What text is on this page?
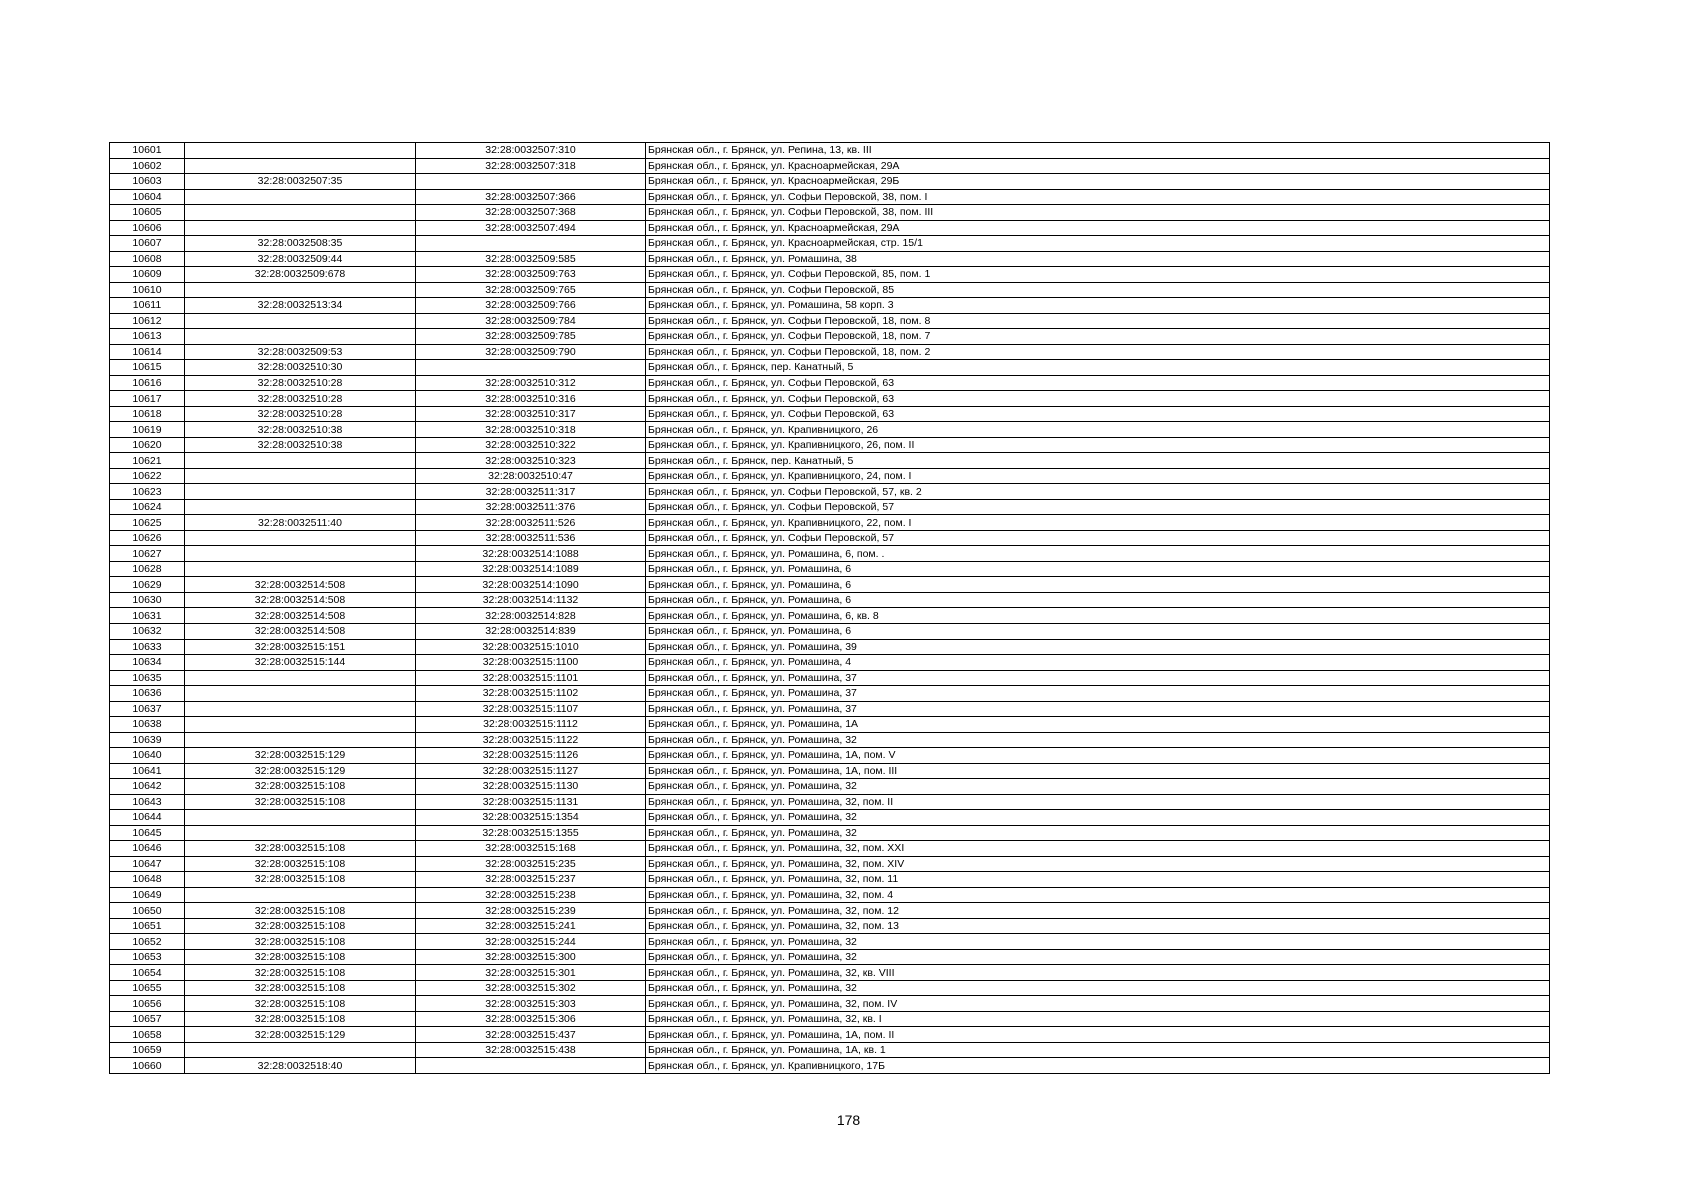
10601		32:28:0032507:310	Брянская обл., г. Брянск, ул. Репина, 13, кв. III
10602		32:28:0032507:318	Брянская обл., г. Брянск, ул. Красноармейская, 29А
10603	32:28:0032507:35		Брянская обл., г. Брянск, ул. Красноармейская, 29Б
10604		32:28:0032507:366	Брянская обл., г. Брянск, ул. Софьи Перовской, 38, пом. I
10605		32:28:0032507:368	Брянская обл., г. Брянск, ул. Софьи Перовской, 38, пом. III
10606		32:28:0032507:494	Брянская обл., г. Брянск, ул. Красноармейская, 29А
10607	32:28:0032508:35		Брянская обл., г. Брянск, ул. Красноармейская, стр. 15/1
10608	32:28:0032509:44	32:28:0032509:585	Брянская обл., г. Брянск, ул. Ромашина, 38
10609	32:28:0032509:678	32:28:0032509:763	Брянская обл., г. Брянск, ул. Софьи Перовской, 85, пом. 1
10610		32:28:0032509:765	Брянская обл., г. Брянск, ул. Софьи Перовской, 85
10611	32:28:0032513:34	32:28:0032509:766	Брянская обл., г. Брянск, ул. Ромашина, 58 корп. 3
10612		32:28:0032509:784	Брянская обл., г. Брянск, ул. Софьи Перовской, 18, пом. 8
10613		32:28:0032509:785	Брянская обл., г. Брянск, ул. Софьи Перовской, 18, пом. 7
10614	32:28:0032509:53	32:28:0032509:790	Брянская обл., г. Брянск, ул. Софьи Перовской, 18, пом. 2
10615	32:28:0032510:30		Брянская обл., г. Брянск, пер. Канатный, 5
10616	32:28:0032510:28	32:28:0032510:312	Брянская обл., г. Брянск, ул. Софьи Перовской, 63
10617	32:28:0032510:28	32:28:0032510:316	Брянская обл., г. Брянск, ул. Софьи Перовской, 63
10618	32:28:0032510:28	32:28:0032510:317	Брянская обл., г. Брянск, ул. Софьи Перовской, 63
10619	32:28:0032510:38	32:28:0032510:318	Брянская обл., г. Брянск, ул. Крапивницкого, 26
10620	32:28:0032510:38	32:28:0032510:322	Брянская обл., г. Брянск, ул. Крапивницкого, 26, пом. II
10621		32:28:0032510:323	Брянская обл., г. Брянск, пер. Канатный, 5
10622		32:28:0032510:47	Брянская обл., г. Брянск, ул. Крапивницкого, 24, пом. I
10623		32:28:0032511:317	Брянская обл., г. Брянск, ул. Софьи Перовской, 57, кв. 2
10624		32:28:0032511:376	Брянская обл., г. Брянск, ул. Софьи Перовской, 57
10625	32:28:0032511:40	32:28:0032511:526	Брянская обл., г. Брянск, ул. Крапивницкого, 22, пом. I
10626		32:28:0032511:536	Брянская обл., г. Брянск, ул. Софьи Перовской, 57
10627		32:28:0032514:1088	Брянская обл., г. Брянск, ул. Ромашина, 6, пом. .
10628		32:28:0032514:1089	Брянская обл., г. Брянск, ул. Ромашина, 6
10629	32:28:0032514:508	32:28:0032514:1090	Брянская обл., г. Брянск, ул. Ромашина, 6
10630	32:28:0032514:508	32:28:0032514:1132	Брянская обл., г. Брянск, ул. Ромашина, 6
10631	32:28:0032514:508	32:28:0032514:828	Брянская обл., г. Брянск, ул. Ромашина, 6, кв. 8
10632	32:28:0032514:508	32:28:0032514:839	Брянская обл., г. Брянск, ул. Ромашина, 6
10633	32:28:0032515:151	32:28:0032515:1010	Брянская обл., г. Брянск, ул. Ромашина, 39
10634	32:28:0032515:144	32:28:0032515:1100	Брянская обл., г. Брянск, ул. Ромашина, 4
10635		32:28:0032515:1101	Брянская обл., г. Брянск, ул. Ромашина, 37
10636		32:28:0032515:1102	Брянская обл., г. Брянск, ул. Ромашина, 37
10637		32:28:0032515:1107	Брянская обл., г. Брянск, ул. Ромашина, 37
10638		32:28:0032515:1112	Брянская обл., г. Брянск, ул. Ромашина, 1А
10639		32:28:0032515:1122	Брянская обл., г. Брянск, ул. Ромашина, 32
10640	32:28:0032515:129	32:28:0032515:1126	Брянская обл., г. Брянск, ул. Ромашина, 1А, пом. V
10641	32:28:0032515:129	32:28:0032515:1127	Брянская обл., г. Брянск, ул. Ромашина, 1А, пом. III
10642	32:28:0032515:108	32:28:0032515:1130	Брянская обл., г. Брянск, ул. Ромашина, 32
10643	32:28:0032515:108	32:28:0032515:1131	Брянская обл., г. Брянск, ул. Ромашина, 32, пом. II
10644		32:28:0032515:1354	Брянская обл., г. Брянск, ул. Ромашина, 32
10645		32:28:0032515:1355	Брянская обл., г. Брянск, ул. Ромашина, 32
10646	32:28:0032515:108	32:28:0032515:168	Брянская обл., г. Брянск, ул. Ромашина, 32, пом. XXI
10647	32:28:0032515:108	32:28:0032515:235	Брянская обл., г. Брянск, ул. Ромашина, 32, пом. XIV
10648	32:28:0032515:108	32:28:0032515:237	Брянская обл., г. Брянск, ул. Ромашина, 32, пом. 11
10649		32:28:0032515:238	Брянская обл., г. Брянск, ул. Ромашина, 32, пом. 4
10650	32:28:0032515:108	32:28:0032515:239	Брянская обл., г. Брянск, ул. Ромашина, 32, пом. 12
10651	32:28:0032515:108	32:28:0032515:241	Брянская обл., г. Брянск, ул. Ромашина, 32, пом. 13
10652	32:28:0032515:108	32:28:0032515:244	Брянская обл., г. Брянск, ул. Ромашина, 32
10653	32:28:0032515:108	32:28:0032515:300	Брянская обл., г. Брянск, ул. Ромашина, 32
10654	32:28:0032515:108	32:28:0032515:301	Брянская обл., г. Брянск, ул. Ромашина, 32, кв. VIII
10655	32:28:0032515:108	32:28:0032515:302	Брянская обл., г. Брянск, ул. Ромашина, 32
10656	32:28:0032515:108	32:28:0032515:303	Брянская обл., г. Брянск, ул. Ромашина, 32, пом. IV
10657	32:28:0032515:108	32:28:0032515:306	Брянская обл., г. Брянск, ул. Ромашина, 32, кв. I
10658	32:28:0032515:129	32:28:0032515:437	Брянская обл., г. Брянск, ул. Ромашина, 1А, пом. II
10659		32:28:0032515:438	Брянская обл., г. Брянск, ул. Ромашина, 1А, кв. 1
10660	32:28:0032518:40		Брянская обл., г. Брянск, ул. Крапивницкого, 17Б
178
